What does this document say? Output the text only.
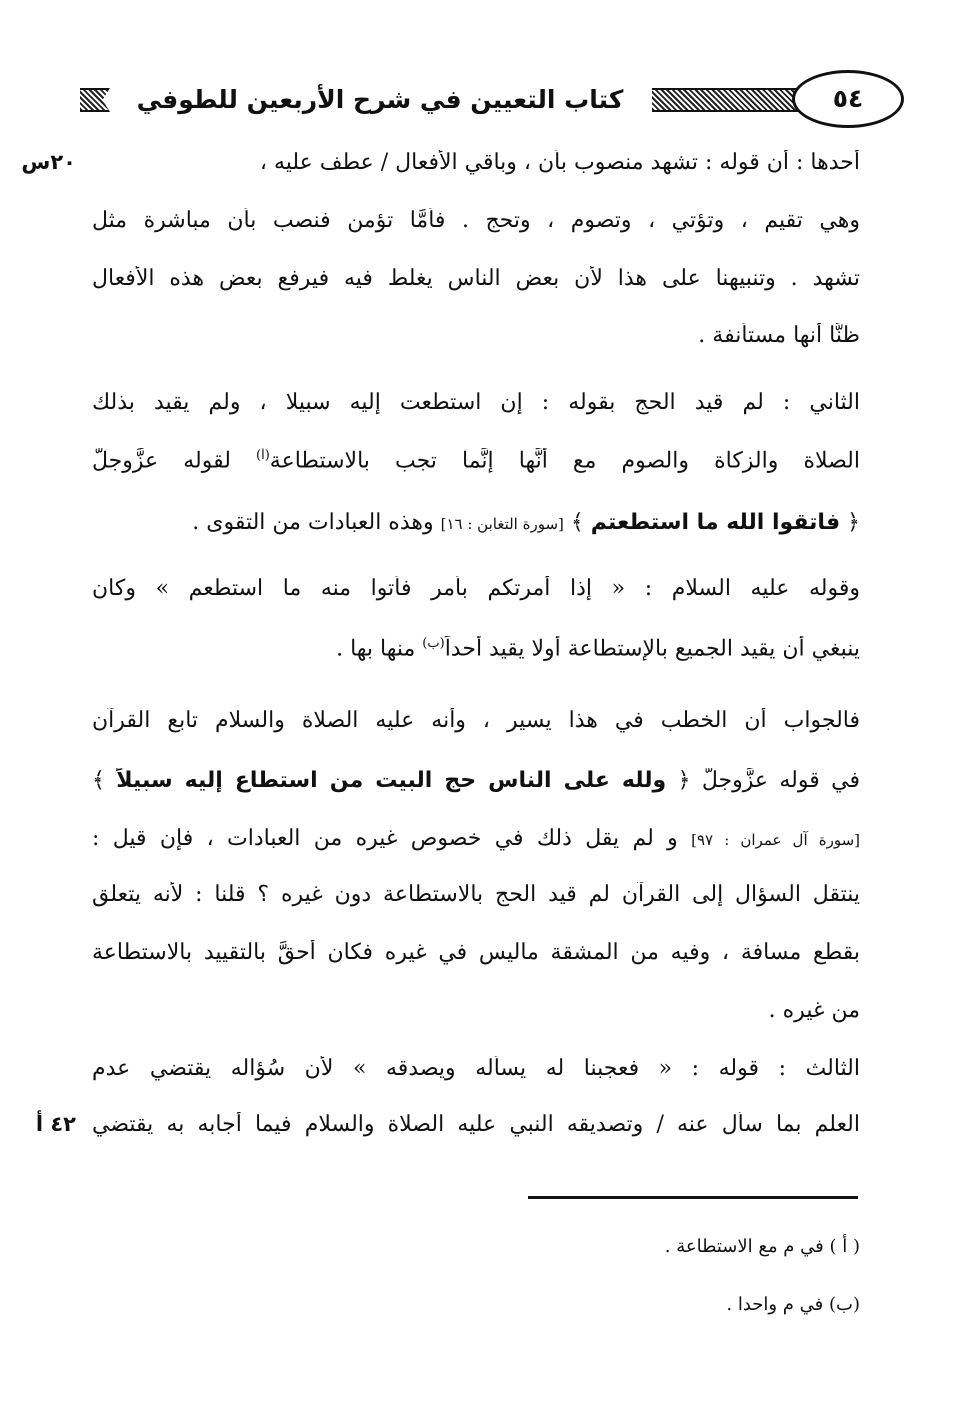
كتاب التعيين في شرح الأربعين للطوفي	٥٤
٢٠س
٤٢ أ
أحدها : أن قوله : تشهد منصوب بأن ، وباقي الأفعال / عطف عليه ،
وهي تقيم ، وتؤتي ، وتصوم ، وتحج . فأمَّا تؤمن فنصب بأن مباشرة مثل
تشهد . وتنبيهنا على هذا لأن بعض الناس يغلط فيه فيرفع بعض هذه الأفعال
ظنًّا أنها مستأنفة .
الثاني : لم قيد الحج بقوله : إن استطعت إليه سبيلا ، ولم يقيد بذلك
الصلاة والزكاة والصوم مع أنَّها إنَّما تجب بالاستطاعة$^{(أ)}$ لقوله عزَّوجلَّ
﴿ فاتقوا الله ما استطعتم ﴾ [سورة التغابن : ١٦] وهذه العبادات من التقوى .
وقوله عليه السلام : « إذا أمرتكم بأمر فأتوا منه ما استطعم » وكان
ينبغي أن يقيد الجميع بالإستطاعة أولا يقيد أحداً$^{(ب)}$ منها بها .
فالجواب أن الخطب في هذا يسير ، وأنه عليه الصلاة والسلام تابع القرآن
في قوله عزَّوجلَّ ﴿ ولله على الناس حج البيت من استطاع إليه سبيلاً ﴾
[سورة آل عمران : ٩٧] و لم يقل ذلك في خصوص غيره من العبادات ، فإن قيل :
ينتقل السؤال إلى القرآن لم قيد الحج بالاستطاعة دون غيره ؟ قلنا : لأنه يتعلق
بقطع مسافة ، وفيه من المشقة ماليس في غيره فكان أحقَّ بالتقييد بالاستطاعة
من غيره .
الثالث : قوله : « فعجبنا له يسأله ويصدقه » لأن سُؤاله يقتضي عدم
العلم بما سأل عنه / وتصديقه النبي عليه الصلاة والسلام فيما أجابه به يقتضي
( أ ) في م مع الاستطاعة .
(ب) في م واحدا .
